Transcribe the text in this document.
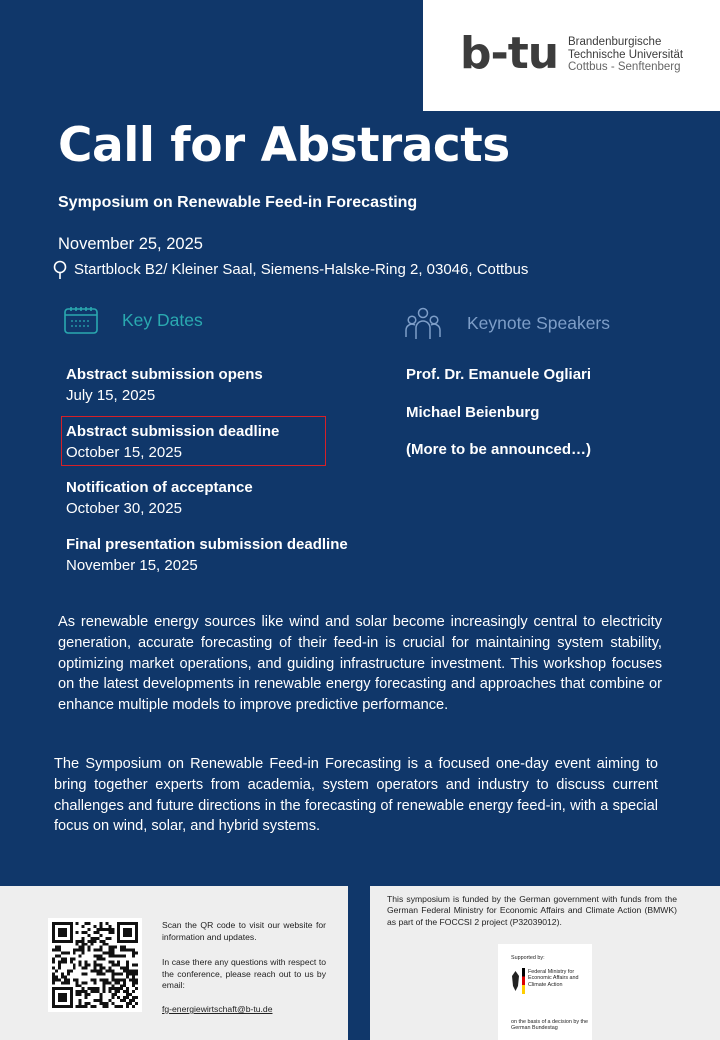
b-tu Brandenburgische
Technische Universität
Cottbus - Senftenberg
Call for Abstracts
Symposium on Renewable Feed-in Forecasting
November 25, 2025
Startblock B2/ Kleiner Saal, Siemens-Halske-Ring 2, 03046, Cottbus
Key Dates	Keynote Speakers
Abstract submission opens
July 15, 2025
Abstract submission deadline
October 15, 2025
Notification of acceptance
October 30, 2025
Final presentation submission deadline
November 15, 2025
Prof. Dr. Emanuele Ogliari
Michael Beienburg
(More to be announced…)

As renewable energy sources like wind and solar become increasingly central to electricity generation, accurate forecasting of their feed-in is crucial for maintaining system stability, optimizing market operations, and guiding infrastructure investment. This workshop focuses on the latest developments in renewable energy forecasting and approaches that combine or enhance multiple models to improve predictive performance.

The Symposium on Renewable Feed-in Forecasting is a focused one-day event aiming to bring together experts from academia, system operators and industry to discuss current challenges and future directions in the forecasting of renewable energy feed-in, with a special focus on wind, solar, and hybrid systems.

Scan the QR code to visit our website for information and updates.
In case there any questions with respect to the conference, please reach out to us by email:
fg-energiewirtschaft@b-tu.de
This symposium is funded by the German government with funds from the German Federal Ministry for Economic Affairs and Climate Action (BMWK) as part of the FOCCSI 2 project (P32039012).
Supported by:
Federal Ministry for Economic Affairs and Climate Action
on the basis of a decision by the German Bundestag
